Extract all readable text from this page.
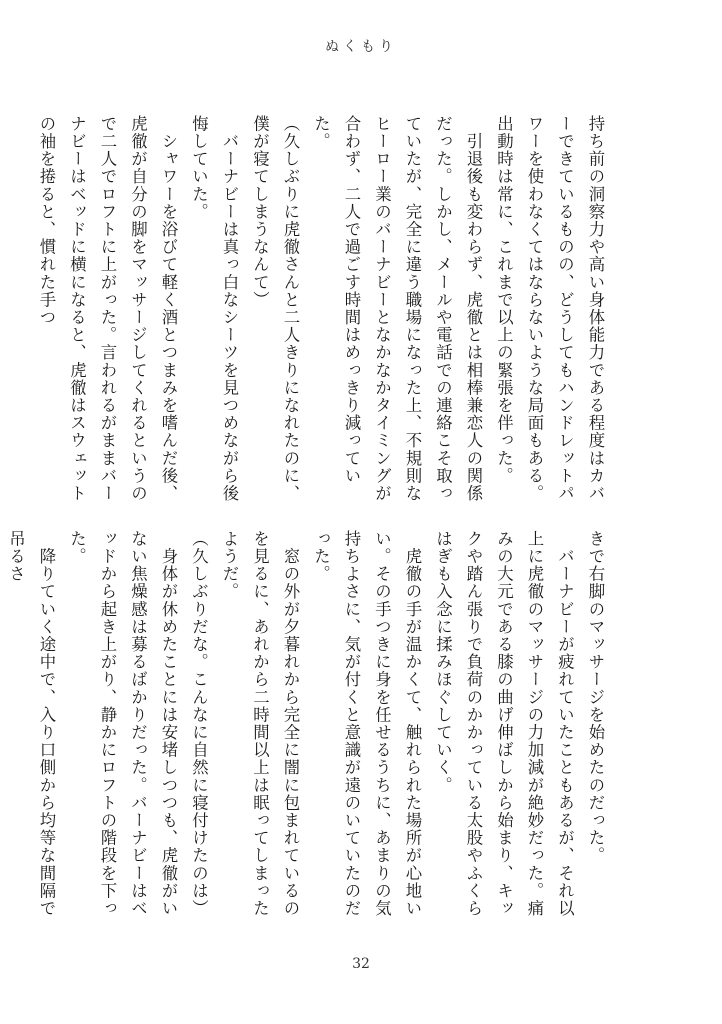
ぬくもり

持ち前の洞察力や高い身体能力である程度はカバーできているものの、どうしてもハンドレットパワーを使わなくてはならないような局面もある。出動時は常に、これまで以上の緊張を伴った。

　引退後も変わらず、虎徹とは相棒兼恋人の関係だった。しかし、メールや電話での連絡こそ取っていたが、完全に違う職場になった上、不規則なヒーロー業のバーナビーとなかなかタイミングが合わず、二人で過ごす時間はめっきり減っていた。

（久しぶりに虎徹さんと二人きりになれたのに、僕が寝てしまうなんて）

　バーナビーは真っ白なシーツを見つめながら後悔していた。

　シャワーを浴びて軽く酒とつまみを嗜んだ後、虎徹が自分の脚をマッサージしてくれるというので二人でロフトに上がった。言われるがままバーナビーはベッドに横になると、虎徹はスウェットの袖を捲ると、慣れた手つ

きで右脚のマッサージを始めたのだった。

　バーナビーが疲れていたこともあるが、それ以上に虎徹のマッサージの力加減が絶妙だった。痛みの大元である膝の曲げ伸ばしから始まり、キックや踏ん張りで負荷のかかっている太股やふくらはぎも入念に揉みほぐしていく。

　虎徹の手が温かくて、触れられた場所が心地いい。その手つきに身を任せるうちに、あまりの気持ちよさに、気が付くと意識が遠のいていたのだった。

　窓の外が夕暮れから完全に闇に包まれているのを見るに、あれから二時間以上は眠ってしまったようだ。

（久しぶりだな。こんなに自然に寝付けたのは）

　身体が休めたことには安堵しつつも、虎徹がいない焦燥感は募るばかりだった。バーナビーはベッドから起き上がり、静かにロフトの階段を下った。

　降りていく途中で、入り口側から均等な間隔で吊るさ

32
